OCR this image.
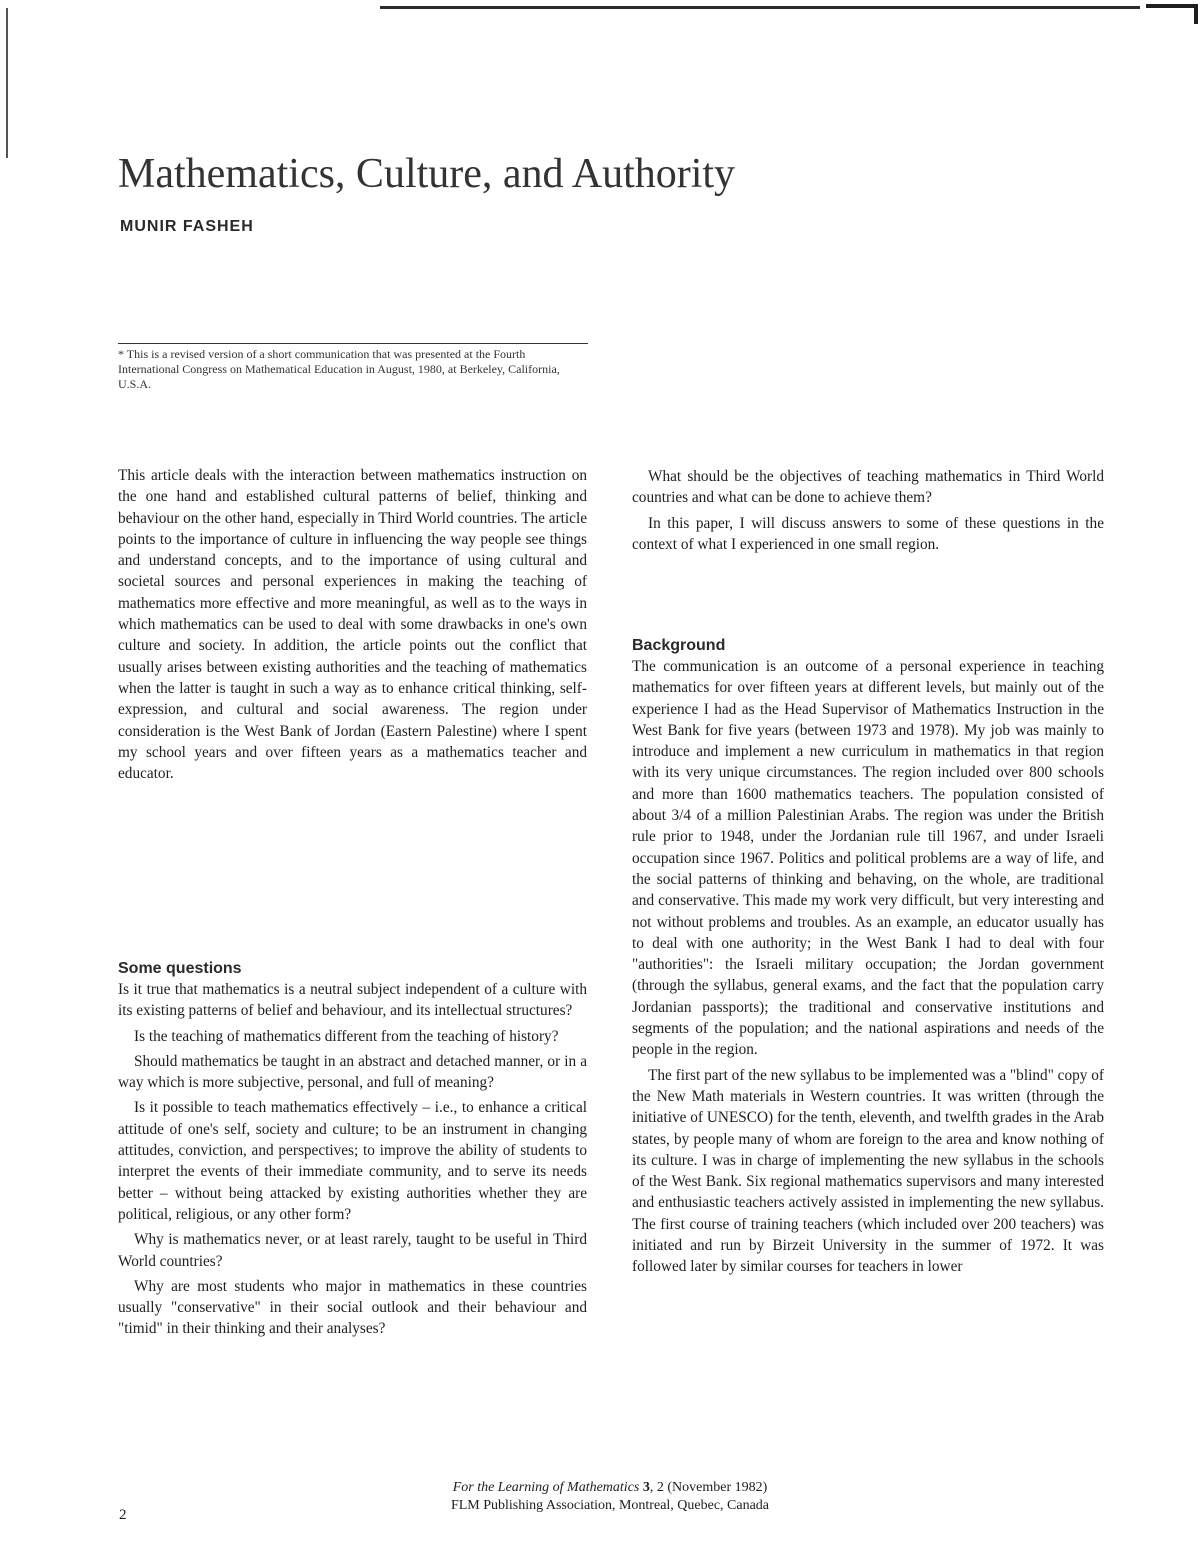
Mathematics, Culture, and Authority
MUNIR FASHEH
* This is a revised version of a short communication that was presented at the Fourth International Congress on Mathematical Education in August, 1980, at Berkeley, California, U.S.A.

This article deals with the interaction between mathematics instruction on the one hand and established cultural patterns of belief, thinking and behaviour on the other hand, especially in Third World countries. The article points to the importance of culture in influencing the way people see things and understand concepts, and to the importance of using cultural and societal sources and personal experiences in making the teaching of mathematics more effective and more meaningful, as well as to the ways in which mathematics can be used to deal with some drawbacks in one's own culture and society. In addition, the article points out the conflict that usually arises between existing authorities and the teaching of mathematics when the latter is taught in such a way as to enhance critical thinking, self-expression, and cultural and social awareness. The region under consideration is the West Bank of Jordan (Eastern Palestine) where I spent my school years and over fifteen years as a mathematics teacher and educator.

Some questions

Is it true that mathematics is a neutral subject independent of a culture with its existing patterns of belief and behaviour, and its intellectual structures?

Is the teaching of mathematics different from the teaching of history?

Should mathematics be taught in an abstract and detached manner, or in a way which is more subjective, personal, and full of meaning?

Is it possible to teach mathematics effectively – i.e., to enhance a critical attitude of one's self, society and culture; to be an instrument in changing attitudes, conviction, and perspectives; to improve the ability of students to interpret the events of their immediate community, and to serve its needs better – without being attacked by existing authorities whether they are political, religious, or any other form?

Why is mathematics never, or at least rarely, taught to be useful in Third World countries?

Why are most students who major in mathematics in these countries usually "conservative" in their social outlook and their behaviour and "timid" in their thinking and their analyses?

What should be the objectives of teaching mathematics in Third World countries and what can be done to achieve them?

In this paper, I will discuss answers to some of these questions in the context of what I experienced in one small region.

Background

The communication is an outcome of a personal experience in teaching mathematics for over fifteen years at different levels, but mainly out of the experience I had as the Head Supervisor of Mathematics Instruction in the West Bank for five years (between 1973 and 1978). My job was mainly to introduce and implement a new curriculum in mathematics in that region with its very unique circumstances. The region included over 800 schools and more than 1600 mathematics teachers. The population consisted of about 3/4 of a million Palestinian Arabs. The region was under the British rule prior to 1948, under the Jordanian rule till 1967, and under Israeli occupation since 1967. Politics and political problems are a way of life, and the social patterns of thinking and behaving, on the whole, are traditional and conservative. This made my work very difficult, but very interesting and not without problems and troubles. As an example, an educator usually has to deal with one authority; in the West Bank I had to deal with four "authorities": the Israeli military occupation; the Jordan government (through the syllabus, general exams, and the fact that the population carry Jordanian passports); the traditional and conservative institutions and segments of the population; and the national aspirations and needs of the people in the region.

The first part of the new syllabus to be implemented was a "blind" copy of the New Math materials in Western countries. It was written (through the initiative of UNESCO) for the tenth, eleventh, and twelfth grades in the Arab states, by people many of whom are foreign to the area and know nothing of its culture. I was in charge of implementing the new syllabus in the schools of the West Bank. Six regional mathematics supervisors and many interested and enthusiastic teachers actively assisted in implementing the new syllabus. The first course of training teachers (which included over 200 teachers) was initiated and run by Birzeit University in the summer of 1972. It was followed later by similar courses for teachers in lower

2
For the Learning of Mathematics 3, 2 (November 1982)
FLM Publishing Association, Montreal, Quebec, Canada
